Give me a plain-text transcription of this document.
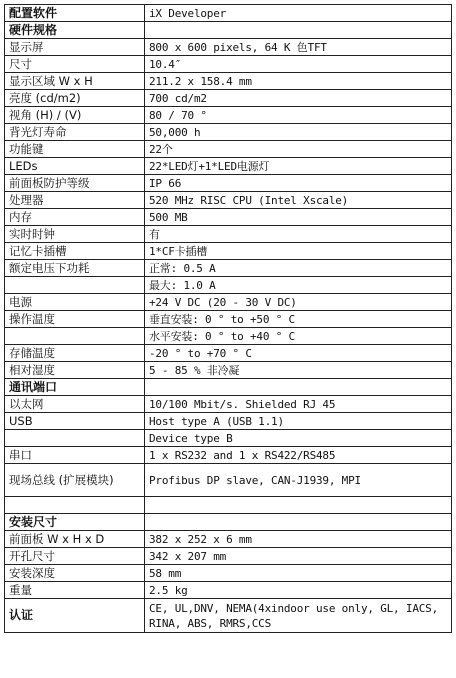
配置软件	iX Developer
硬件规格	
显示屏	800 x 600 pixels, 64 K 色TFT
尺寸	10.4″
显示区域 W x H	211.2 x 158.4 mm
亮度 (cd/m2)	700 cd/m2
视角 (H) / (V)	80 / 70 °
背光灯寿命	50,000 h
功能键	22个
LEDs	22*LED灯+1*LED电源灯
前面板防护等级	IP 66
处理器	520 MHz RISC CPU (Intel Xscale)
内存	500 MB
实时时钟	有
记忆卡插槽	1*CF卡插槽
额定电压下功耗	正常: 0.5 A
	最大: 1.0 A
电源	+24 V DC (20 - 30 V DC)
操作温度	垂直安装: 0 ° to +50 ° C
	水平安装: 0 ° to +40 ° C
存储温度	-20 ° to +70 ° C
相对湿度	5 - 85 % 非冷凝
通讯端口	
以太网	10/100 Mbit/s. Shielded RJ 45
USB	Host type A (USB 1.1)
	Device type B
串口	1 x RS232 and 1 x RS422/RS485
现场总线 (扩展模块)	Profibus DP slave, CAN-J1939, MPI

安装尺寸	
前面板 W x H x D	382 x 252 x 6 mm
开孔尺寸	342 x 207 mm
安装深度	58 mm
重量	2.5 kg
认证	CE, UL,DNV, NEMA(4xindoor use only, GL, IACS, RINA, ABS, RMRS,CCS
